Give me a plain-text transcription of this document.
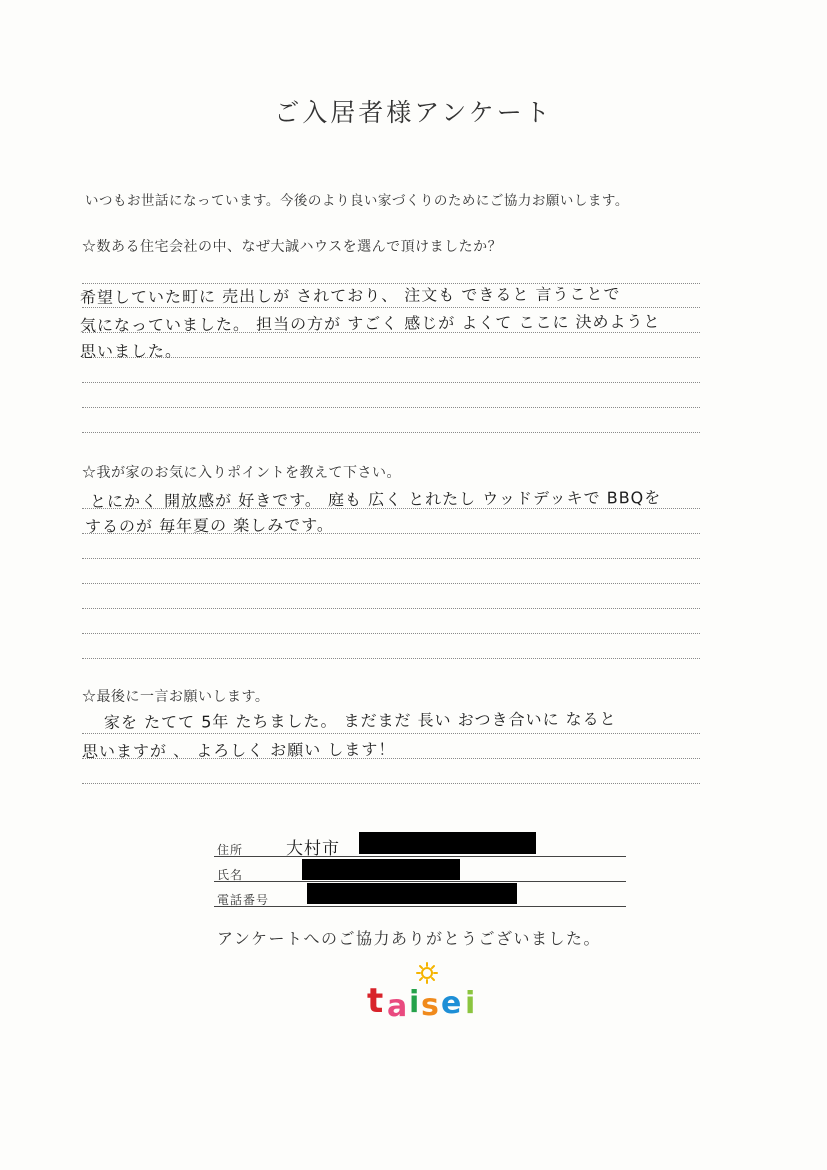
ご入居者様アンケート
いつもお世話になっています。今後のより良い家づくりのためにご協力お願いします。
☆数ある住宅会社の中、なぜ大誠ハウスを選んで頂けましたか？
希望していた町に 売出しが されており、 注文も できると 言うことで
気になっていました。 担当の方が すごく 感じが よくて ここに 決めようと
思いました。
☆我が家のお気に入りポイントを教えて下さい。
とにかく 開放感が 好きです。 庭も 広く とれたし ウッドデッキで BBQを
するのが 毎年夏の 楽しみです。
☆最後に一言お願いします。
家を たてて 5年 たちました。 まだまだ 長い おつき合いに なると
思いますが 、 よろしく お願い します！
住所	大村市
氏名
電話番号
アンケートへのご協力ありがとうございました。
t a i s e i
